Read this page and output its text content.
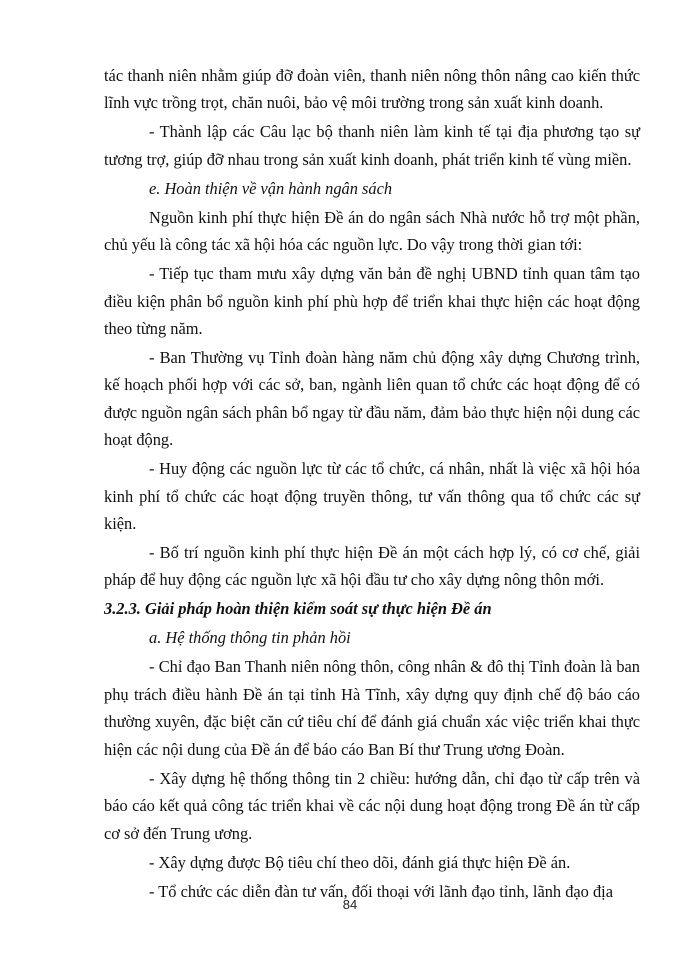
tác thanh niên nhằm giúp đỡ đoàn viên, thanh niên nông thôn nâng cao kiến thức lĩnh vực trồng trọt, chăn nuôi, bảo vệ môi trường trong sản xuất kinh doanh.

- Thành lập các Câu lạc bộ thanh niên làm kinh tế tại địa phương tạo sự tương trợ, giúp đỡ nhau trong sản xuất kinh doanh, phát triển kinh tế vùng miền.

e. Hoàn thiện về vận hành ngân sách

Nguồn kinh phí thực hiện Đề án do ngân sách Nhà nước hỗ trợ một phần, chủ yếu là công tác xã hội hóa các nguồn lực. Do vậy trong thời gian tới:

- Tiếp tục tham mưu xây dựng văn bản đề nghị UBND tỉnh quan tâm tạo điều kiện phân bổ nguồn kinh phí phù hợp để triển khai thực hiện các hoạt động theo từng năm.

- Ban Thường vụ Tỉnh đoàn hàng năm chủ động xây dựng Chương trình, kế hoạch phối hợp với các sở, ban, ngành liên quan tổ chức các hoạt động để có được nguồn ngân sách phân bổ ngay từ đầu năm, đảm bảo thực hiện nội dung các hoạt động.

- Huy động các nguồn lực từ các tổ chức, cá nhân, nhất là việc xã hội hóa kinh phí tổ chức các hoạt động truyền thông, tư vấn thông qua tổ chức các sự kiện.

- Bố trí nguồn kinh phí thực hiện Đề án một cách hợp lý, có cơ chế, giải pháp để huy động các nguồn lực xã hội đầu tư cho xây dựng nông thôn mới.

3.2.3. Giải pháp hoàn thiện kiểm soát sự thực hiện Đề án

a. Hệ thống thông tin phản hồi

- Chỉ đạo Ban Thanh niên nông thôn, công nhân & đô thị Tỉnh đoàn là ban phụ trách điều hành Đề án tại tỉnh Hà Tĩnh, xây dựng quy định chế độ báo cáo thường xuyên, đặc biệt căn cứ tiêu chí để đánh giá chuẩn xác việc triển khai thực hiện các nội dung của Đề án để báo cáo Ban Bí thư Trung ương Đoàn.

- Xây dựng hệ thống thông tin 2 chiều: hướng dẫn, chỉ đạo từ cấp trên và báo cáo kết quả công tác triển khai về các nội dung hoạt động trong Đề án từ cấp cơ sở đến Trung ương.

- Xây dựng được Bộ tiêu chí theo dõi, đánh giá thực hiện Đề án.

- Tổ chức các diễn đàn tư vấn, đối thoại với lãnh đạo tỉnh, lãnh đạo địa

84
